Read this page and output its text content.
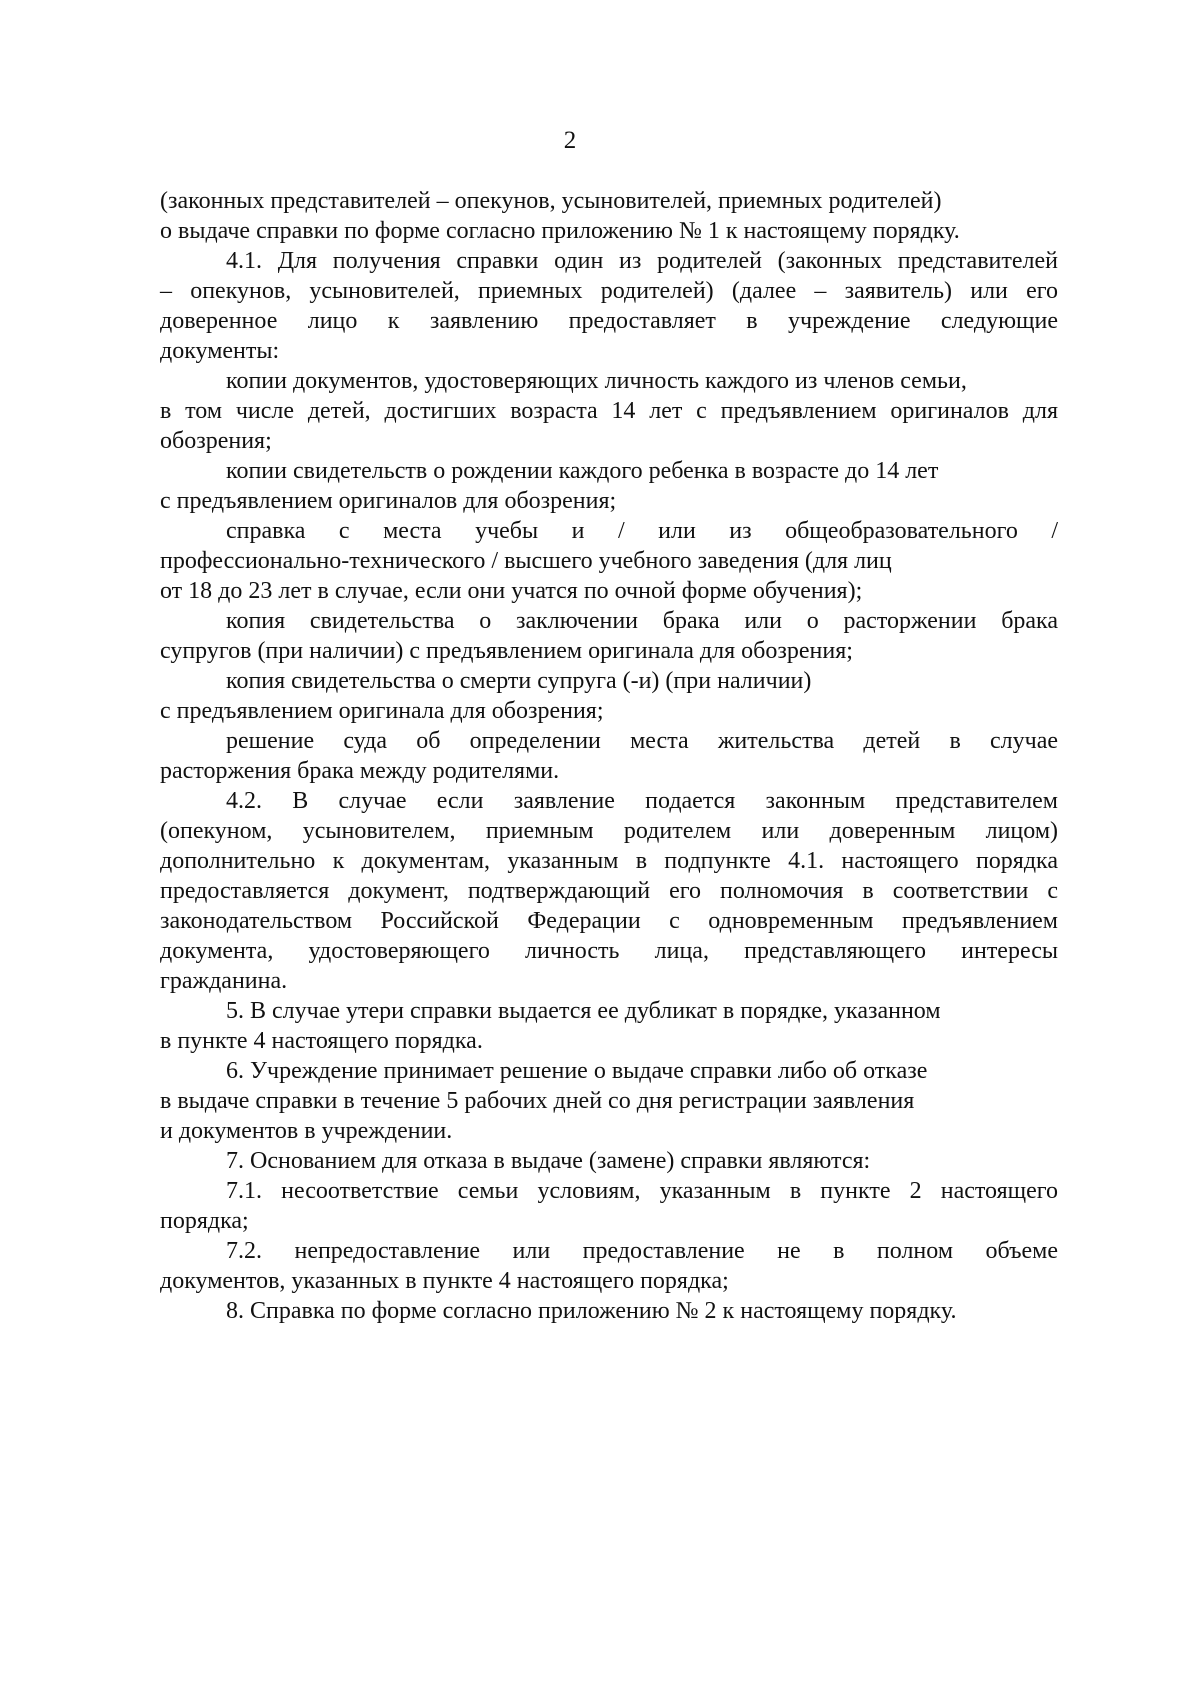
2
(законных представителей – опекунов, усыновителей, приемных родителей)
о выдаче справки по форме согласно приложению № 1 к настоящему порядку.
4.1. Для получения справки один из родителей (законных представителей
– опекунов, усыновителей, приемных родителей) (далее – заявитель) или его
доверенное лицо к заявлению предоставляет в учреждение следующие
документы:
копии документов, удостоверяющих личность каждого из членов семьи,
в том числе детей, достигших возраста 14 лет с предъявлением оригиналов для
обозрения;
копии свидетельств о рождении каждого ребенка в возрасте до 14 лет
с предъявлением оригиналов для обозрения;
справка с места учебы и / или из общеобразовательного /
профессионально-технического / высшего учебного заведения (для лиц
от 18 до 23 лет в случае, если они учатся по очной форме обучения);
копия свидетельства о заключении брака или о расторжении брака
супругов (при наличии) с предъявлением оригинала для обозрения;
копия свидетельства о смерти супруга (-и) (при наличии)
с предъявлением оригинала для обозрения;
решение суда об определении места жительства детей в случае
расторжения брака между родителями.
4.2. В случае если заявление подается законным представителем
(опекуном, усыновителем, приемным родителем или доверенным лицом)
дополнительно к документам, указанным в подпункте 4.1. настоящего порядка
предоставляется документ, подтверждающий его полномочия в соответствии с
законодательством Российской Федерации с одновременным предъявлением
документа, удостоверяющего личность лица, представляющего интересы
гражданина.
5. В случае утери справки выдается ее дубликат в порядке, указанном
в пункте 4 настоящего порядка.
6. Учреждение принимает решение о выдаче справки либо об отказе
в выдаче справки в течение 5 рабочих дней со дня регистрации заявления
и документов в учреждении.
7. Основанием для отказа в выдаче (замене) справки являются:
7.1. несоответствие семьи условиям, указанным в пункте 2 настоящего
порядка;
7.2. непредоставление или предоставление не в полном объеме
документов, указанных в пункте 4 настоящего порядка;
8. Справка по форме согласно приложению № 2 к настоящему порядку.
